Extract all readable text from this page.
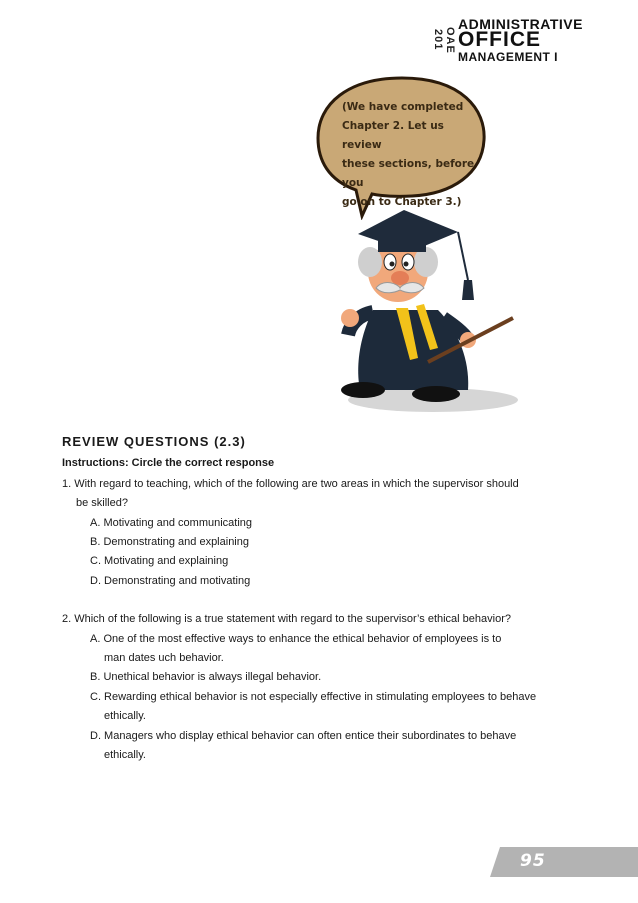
OAE 201
ADMINISTRATIVE
OFFICE
MANAGEMENT I
(We have completed
Chapter 2. Let us review
these sections, before you
go on to Chapter 3.)
REVIEW QUESTIONS (2.3)
Instructions: Circle the correct response
1. With regard to teaching, which of the following are two areas in which the supervisor should
be skilled?
A. Motivating and communicating
B. Demonstrating and explaining
C. Motivating and explaining
D. Demonstrating and motivating
2. Which of the following is a true statement with regard to the supervisor’s ethical behavior?
A. One of the most effective ways to enhance the ethical behavior of employees is to
man dates uch behavior.
B. Unethical behavior is always illegal behavior.
C. Rewarding ethical behavior is not especially effective in stimulating employees to behave
ethically.
D. Managers who display ethical behavior can often entice their subordinates to behave
ethically.
95
